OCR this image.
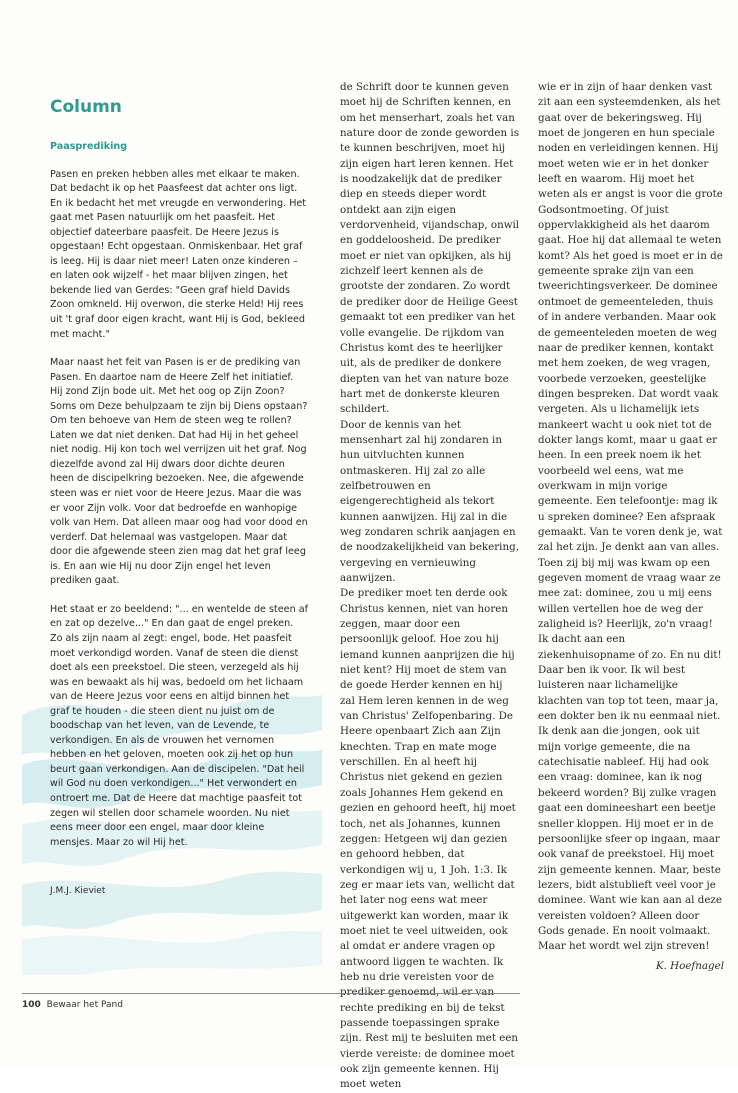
Column
Paasprediking

Pasen en preken hebben alles met elkaar te maken. Dat bedacht ik op het Paasfeest dat achter ons ligt. En ik bedacht het met vreugde en verwondering. Het gaat met Pasen natuurlijk om het paasfeit. Het objectief dateerbare paasfeit. De Heere Jezus is opgestaan! Echt opgestaan. Onmiskenbaar. Het graf is leeg. Hij is daar niet meer! Laten onze kinderen – en laten ook wijzelf - het maar blijven zingen, het bekende lied van Gerdes: "Geen graf hield Davids Zoon omkneld. Hij overwon, die sterke Held! Hij rees uit 't graf door eigen kracht, want Hij is God, bekleed met macht."

Maar naast het feit van Pasen is er de prediking van Pasen. En daartoe nam de Heere Zelf het initiatief. Hij zond Zijn bode uit. Met het oog op Zijn Zoon? Soms om Deze behulpzaam te zijn bij Diens opstaan? Om ten behoeve van Hem de steen weg te rollen? Laten we dat niet denken. Dat had Hij in het geheel niet nodig. Hij kon toch wel verrijzen uit het graf. Nog diezelfde avond zal Hij dwars door dichte deuren heen de discipelkring bezoeken. Nee, die afgewende steen was er niet voor de Heere Jezus. Maar die was er voor Zijn volk. Voor dat bedroefde en wanhopige volk van Hem. Dat alleen maar oog had voor dood en verderf. Dat helemaal was vastgelopen. Maar dat door die afgewende steen zien mag dat het graf leeg is. En aan wie Hij nu door Zijn engel het leven prediken gaat.

Het staat er zo beeldend: "... en wentelde de steen af en zat op dezelve..." En dan gaat de engel preken. Zo als zijn naam al zegt: engel, bode. Het paasfeit moet verkondigd worden. Vanaf de steen die dienst doet als een preekstoel. Die steen, verzegeld als hij was en bewaakt als hij was, bedoeld om het lichaam van de Heere Jezus voor eens en altijd binnen het graf te houden - die steen dient nu juist om de boodschap van het leven, van de Levende, te verkondigen. En als de vrouwen het vernomen hebben en het geloven, moeten ook zij het op hun beurt gaan verkondigen. Aan de discipelen. "Dat heil wil God nu doen verkondigen..." Het verwondert en ontroert me. Dat de Heere dat machtige paasfeit tot zegen wil stellen door schamele woorden. Nu niet eens meer door een engel, maar door kleine mensjes. Maar zo wil Hij het.

J.M.J. Kieviet

de Schrift door te kunnen geven moet hij de Schriften kennen, en om het menserhart, zoals het van nature door de zonde geworden is te kunnen beschrijven, moet hij zijn eigen hart leren kennen. Het is noodzakelijk dat de prediker diep en steeds dieper wordt ontdekt aan zijn eigen verdorvenheid, vijandschap, onwil en goddeloosheid. De prediker moet er niet van opkijken, als hij zichzelf leert kennen als de grootste der zondaren. Zo wordt de prediker door de Heilige Geest gemaakt tot een prediker van het volle evangelie. De rijkdom van Christus komt des te heerlijker uit, als de prediker de donkere diepten van het van nature boze hart met de donkerste kleuren schildert.

Door de kennis van het mensenhart zal hij zondaren in hun uitvluchten kunnen ontmaskeren. Hij zal zo alle zelfbetrouwen en eigengerechtigheid als tekort kunnen aanwijzen. Hij zal in die weg zondaren schrik aanjagen en de noodzakelijkheid van bekering, vergeving en vernieuwing aanwijzen.

De prediker moet ten derde ook Christus kennen, niet van horen zeggen, maar door een persoonlijk geloof. Hoe zou hij iemand kunnen aanprijzen die hij niet kent? Hij moet de stem van de goede Herder kennen en hij zal Hem leren kennen in de weg van Christus' Zelfopenbaring. De Heere openbaart Zich aan Zijn knechten. Trap en mate moge verschillen. En al heeft hij Christus niet gekend en gezien zoals Johannes Hem gekend en gezien en gehoord heeft, hij moet toch, net als Johannes, kunnen zeggen: Hetgeen wij dan gezien en gehoord hebben, dat verkondigen wij u, 1 Joh. 1:3. Ik zeg er maar iets van, wellicht dat het later nog eens wat meer uitgewerkt kan worden, maar ik moet niet te veel uitweiden, ook al omdat er andere vragen op antwoord liggen te wachten. Ik heb nu drie vereisten voor de prediker genoemd, wil er van rechte prediking en bij de tekst passende toepassingen sprake zijn. Rest mij te besluiten met een vierde vereiste: de dominee moet ook zijn gemeente kennen. Hij moet weten

wie er in zijn of haar denken vast zit aan een systeemdenken, als het gaat over de bekeringsweg. Hij moet de jongeren en hun speciale noden en verleidingen kennen. Hij moet weten wie er in het donker leeft en waarom. Hij moet het weten als er angst is voor die grote Godsontmoeting. Of juist oppervlakkigheid als het daarom gaat. Hoe hij dat allemaal te weten komt? Als het goed is moet er in de gemeente sprake zijn van een tweerichtingsverkeer. De dominee ontmoet de gemeenteleden, thuis of in andere verbanden. Maar ook de gemeenteleden moeten de weg naar de prediker kennen, kontakt met hem zoeken, de weg vragen, voorbede verzoeken, geestelijke dingen bespreken. Dat wordt vaak vergeten. Als u lichamelijk iets mankeert wacht u ook niet tot de dokter langs komt, maar u gaat er heen. In een preek noem ik het voorbeeld wel eens, wat me overkwam in mijn vorige gemeente. Een telefoontje: mag ik u spreken dominee? Een afspraak gemaakt. Van te voren denk je, wat zal het zijn. Je denkt aan van alles. Toen zij bij mij was kwam op een gegeven moment de vraag waar ze mee zat: dominee, zou u mij eens willen vertellen hoe de weg der zaligheid is? Heerlijk, zo'n vraag! Ik dacht aan een ziekenhuisopname of zo. En nu dit! Daar ben ik voor. Ik wil best luisteren naar lichamelijke klachten van top tot teen, maar ja, een dokter ben ik nu eenmaal niet. Ik denk aan die jongen, ook uit mijn vorige gemeente, die na catechisatie nableef. Hij had ook een vraag: dominee, kan ik nog bekeerd worden? Bij zulke vragen gaat een domineeshart een beetje sneller kloppen. Hij moet er in de persoonlijke sfeer op ingaan, maar ook vanaf de preekstoel. Hij moet zijn gemeente kennen. Maar, beste lezers, bidt alstublieft veel voor je dominee. Want wie kan aan al deze vereisten voldoen? Alleen door Gods genade. En nooit volmaakt. Maar het wordt wel zijn streven!

K. Hoefnagel

100 Bewaar het Pand
